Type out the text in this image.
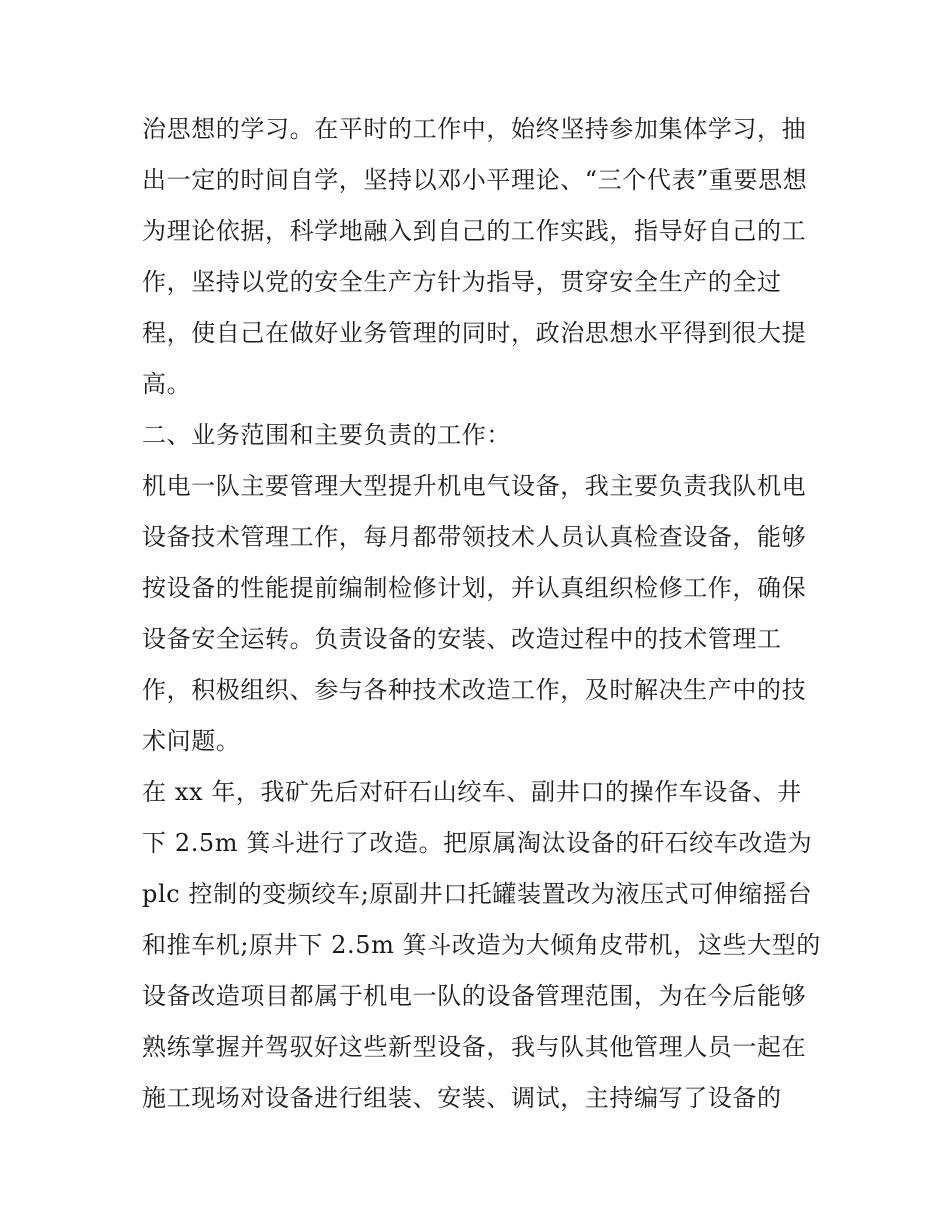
治思想的学习。在平时的工作中，始终坚持参加集体学习，抽
出一定的时间自学，坚持以邓小平理论、“三个代表”重要思想
为理论依据，科学地融入到自己的工作实践，指导好自己的工
作，坚持以党的安全生产方针为指导，贯穿安全生产的全过
程，使自己在做好业务管理的同时，政治思想水平得到很大提
高。
二、业务范围和主要负责的工作：
机电一队主要管理大型提升机电气设备，我主要负责我队机电
设备技术管理工作，每月都带领技术人员认真检查设备，能够
按设备的性能提前编制检修计划，并认真组织检修工作，确保
设备安全运转。负责设备的安装、改造过程中的技术管理工
作，积极组织、参与各种技术改造工作，及时解决生产中的技
术问题。
在 xx 年，我矿先后对矸石山绞车、副井口的操作车设备、井
下 2.5m 箕斗进行了改造。把原属淘汰设备的矸石绞车改造为
plc 控制的变频绞车;原副井口托罐装置改为液压式可伸缩摇台
和推车机;原井下 2.5m 箕斗改造为大倾角皮带机，这些大型的
设备改造项目都属于机电一队的设备管理范围，为在今后能够
熟练掌握并驾驭好这些新型设备，我与队其他管理人员一起在
施工现场对设备进行组装、安装、调试，主持编写了设备的
